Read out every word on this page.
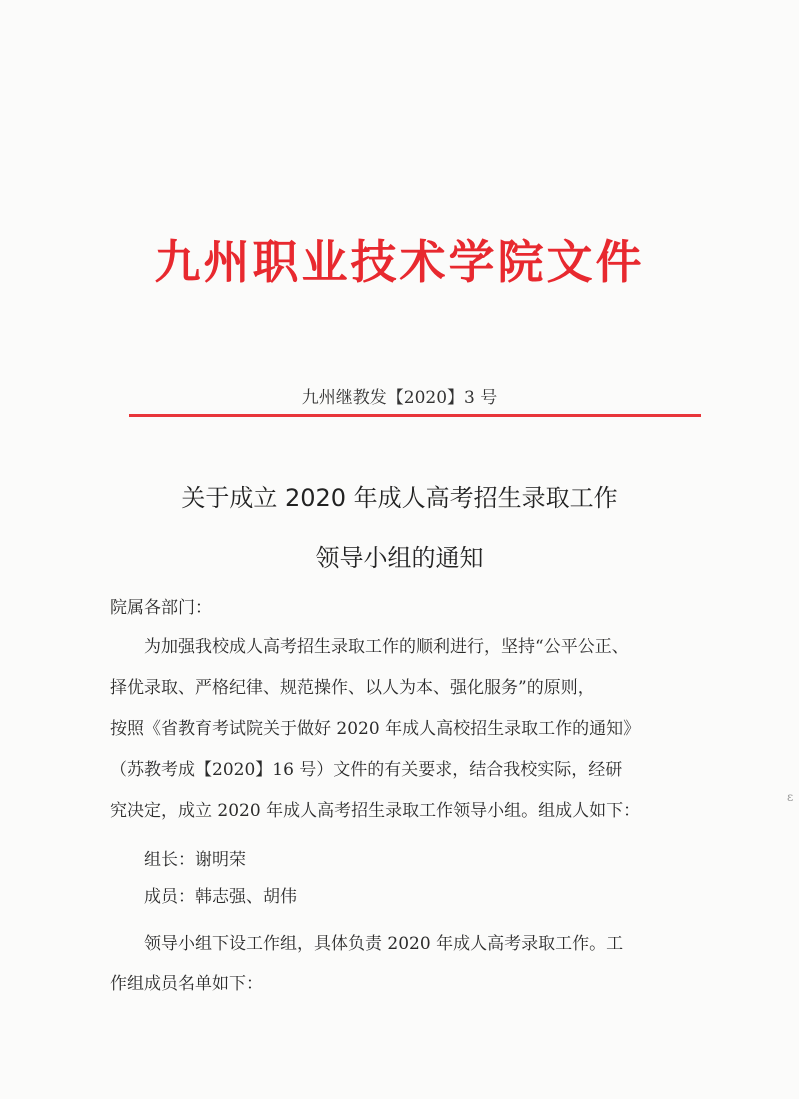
九州职业技术学院文件
九州继教发【2020】3 号
关于成立 2020 年成人高考招生录取工作
领导小组的通知
院属各部门：
为加强我校成人高考招生录取工作的顺利进行，坚持“公平公正、
择优录取、严格纪律、规范操作、以人为本、强化服务”的原则，
按照《省教育考试院关于做好 2020 年成人高校招生录取工作的通知》
（苏教考成【2020】16 号）文件的有关要求，结合我校实际，经研
究决定，成立 2020 年成人高考招生录取工作领导小组。组成人如下：
组长：谢明荣
成员：韩志强、胡伟
领导小组下设工作组，具体负责 2020 年成人高考录取工作。工
作组成员名单如下：
ε
